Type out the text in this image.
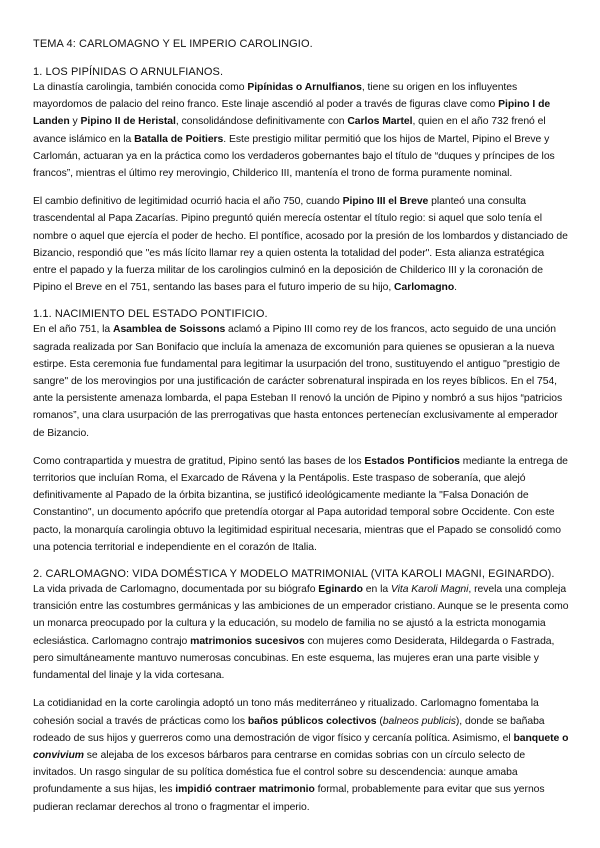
TEMA 4: CARLOMAGNO Y EL IMPERIO CAROLINGIO.

1. LOS PIPÍNIDAS O ARNULFIANOS.

La dinastía carolingia, también conocida como Pipínidas o Arnulfianos, tiene su origen en los influyentes mayordomos de palacio del reino franco. Este linaje ascendió al poder a través de figuras clave como Pipino I de Landen y Pipino II de Heristal, consolidándose definitivamente con Carlos Martel, quien en el año 732 frenó el avance islámico en la Batalla de Poitiers. Este prestigio militar permitió que los hijos de Martel, Pipino el Breve y Carlomán, actuaran ya en la práctica como los verdaderos gobernantes bajo el título de “duques y príncipes de los francos”, mientras el último rey merovingio, Childerico III, mantenía el trono de forma puramente nominal.

El cambio definitivo de legitimidad ocurrió hacia el año 750, cuando Pipino III el Breve planteó una consulta trascendental al Papa Zacarías. Pipino preguntó quién merecía ostentar el título regio: si aquel que solo tenía el nombre o aquel que ejercía el poder de hecho. El pontífice, acosado por la presión de los lombardos y distanciado de Bizancio, respondió que "es más lícito llamar rey a quien ostenta la totalidad del poder". Esta alianza estratégica entre el papado y la fuerza militar de los carolingios culminó en la deposición de Childerico III y la coronación de Pipino el Breve en el 751, sentando las bases para el futuro imperio de su hijo, Carlomagno.

1.1. NACIMIENTO DEL ESTADO PONTIFICIO.

En el año 751, la Asamblea de Soissons aclamó a Pipino III como rey de los francos, acto seguido de una unción sagrada realizada por San Bonifacio que incluía la amenaza de excomunión para quienes se opusieran a la nueva estirpe. Esta ceremonia fue fundamental para legitimar la usurpación del trono, sustituyendo el antiguo "prestigio de sangre" de los merovingios por una justificación de carácter sobrenatural inspirada en los reyes bíblicos. En el 754, ante la persistente amenaza lombarda, el papa Esteban II renovó la unción de Pipino y nombró a sus hijos “patricios romanos”, una clara usurpación de las prerrogativas que hasta entonces pertenecían exclusivamente al emperador de Bizancio.

Como contrapartida y muestra de gratitud, Pipino sentó las bases de los Estados Pontificios mediante la entrega de territorios que incluían Roma, el Exarcado de Rávena y la Pentápolis. Este traspaso de soberanía, que alejó definitivamente al Papado de la órbita bizantina, se justificó ideológicamente mediante la "Falsa Donación de Constantino", un documento apócrifo que pretendía otorgar al Papa autoridad temporal sobre Occidente. Con este pacto, la monarquía carolingia obtuvo la legitimidad espiritual necesaria, mientras que el Papado se consolidó como una potencia territorial e independiente en el corazón de Italia.

2. CARLOMAGNO: VIDA DOMÉSTICA Y MODELO MATRIMONIAL (VITA KAROLI MAGNI, EGINARDO).

La vida privada de Carlomagno, documentada por su biógrafo Eginardo en la Vita Karoli Magni, revela una compleja transición entre las costumbres germánicas y las ambiciones de un emperador cristiano. Aunque se le presenta como un monarca preocupado por la cultura y la educación, su modelo de familia no se ajustó a la estricta monogamia eclesiástica. Carlomagno contrajo matrimonios sucesivos con mujeres como Desiderata, Hildegarda o Fastrada, pero simultáneamente mantuvo numerosas concubinas. En este esquema, las mujeres eran una parte visible y fundamental del linaje y la vida cortesana.

La cotidianidad en la corte carolingia adoptó un tono más mediterráneo y ritualizado. Carlomagno fomentaba la cohesión social a través de prácticas como los baños públicos colectivos (balneos publicis), donde se bañaba rodeado de sus hijos y guerreros como una demostración de vigor físico y cercanía política. Asimismo, el banquete o convivium se alejaba de los excesos bárbaros para centrarse en comidas sobrias con un círculo selecto de invitados. Un rasgo singular de su política doméstica fue el control sobre su descendencia: aunque amaba profundamente a sus hijas, les impidió contraer matrimonio formal, probablemente para evitar que sus yernos pudieran reclamar derechos al trono o fragmentar el imperio.
